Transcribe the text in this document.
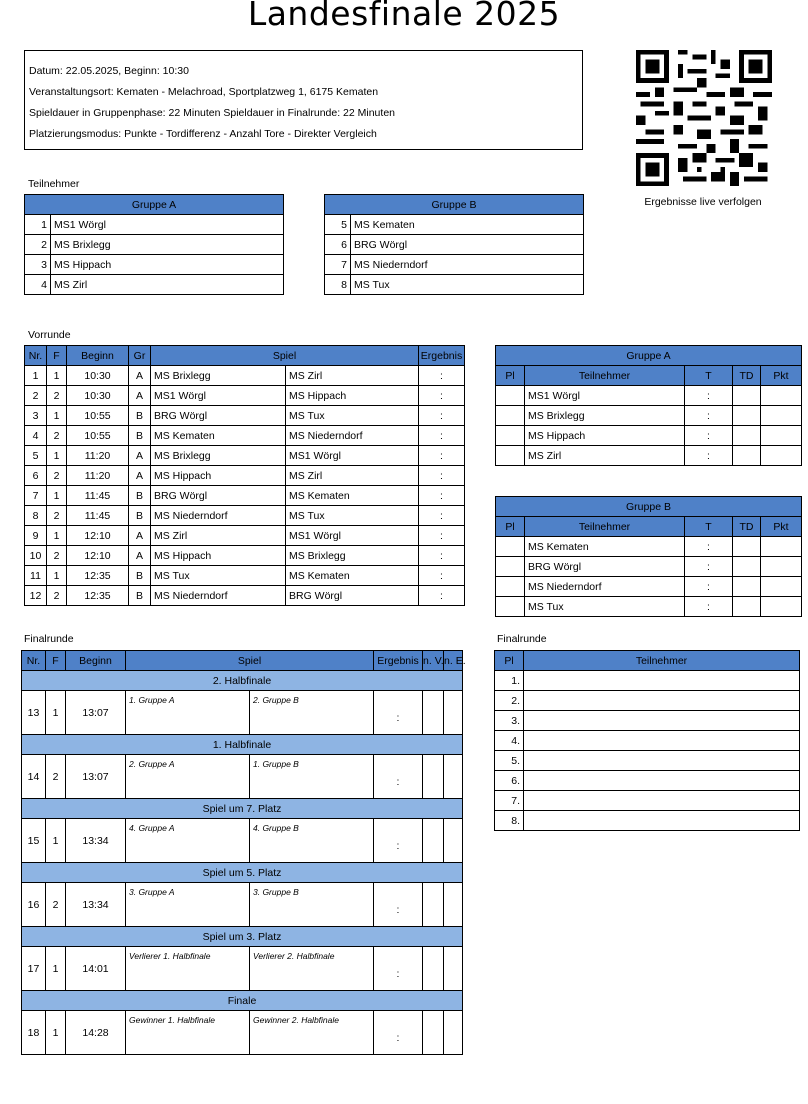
Landesfinale 2025
Datum: 22.05.2025, Beginn: 10:30
Veranstaltungsort: Kematen - Melachroad, Sportplatzweg 1, 6175 Kematen
Spieldauer in Gruppenphase: 22 Minuten Spieldauer in Finalrunde: 22 Minuten
Platzierungsmodus: Punkte - Tordifferenz - Anzahl Tore - Direkter Vergleich
Ergebnisse live verfolgen
Teilnehmer
Gruppe A	
1	MS1 Wörgl
2	MS Brixlegg
3	MS Hippach
4	MS Zirl
Gruppe B	
5	MS Kematen
6	BRG Wörgl
7	MS Niederndorf
8	MS Tux
Vorrunde
Nr.	F	Beginn	Gr	Spiel		Ergebnis
1	1	10:30	A	MS Brixlegg	MS Zirl	:
2	2	10:30	A	MS1 Wörgl	MS Hippach	:
3	1	10:55	B	BRG Wörgl	MS Tux	:
4	2	10:55	B	MS Kematen	MS Niederndorf	:
5	1	11:20	A	MS Brixlegg	MS1 Wörgl	:
6	2	11:20	A	MS Hippach	MS Zirl	:
7	1	11:45	B	BRG Wörgl	MS Kematen	:
8	2	11:45	B	MS Niederndorf	MS Tux	:
9	1	12:10	A	MS Zirl	MS1 Wörgl	:
10	2	12:10	A	MS Hippach	MS Brixlegg	:
11	1	12:35	B	MS Tux	MS Kematen	:
12	2	12:35	B	MS Niederndorf	BRG Wörgl	:
Gruppe A				
Pl	Teilnehmer	T	TD	Pkt
	MS1 Wörgl	:		
	MS Brixlegg	:		
	MS Hippach	:		
	MS Zirl	:		
Gruppe B				
Pl	Teilnehmer	T	TD	Pkt
	MS Kematen	:		
	BRG Wörgl	:		
	MS Niederndorf	:		
	MS Tux	:		
Finalrunde
Nr.	F	Beginn	Spiel		Ergebnis	n. V.	n. E.
2. Halbfinale							
13	1	13:07	1. Gruppe A	2. Gruppe B	:		
1. Halbfinale							
14	2	13:07	2. Gruppe A	1. Gruppe B	:		
Spiel um 7. Platz							
15	1	13:34	4. Gruppe A	4. Gruppe B	:		
Spiel um 5. Platz							
16	2	13:34	3. Gruppe A	3. Gruppe B	:		
Spiel um 3. Platz							
17	1	14:01	Verlierer 1. Halbfinale	Verlierer 2. Halbfinale	:		
Finale							
18	1	14:28	Gewinner 1. Halbfinale	Gewinner 2. Halbfinale	:		
Finalrunde
Pl	Teilnehmer
1.	
2.	
3.	
4.	
5.	
6.	
7.	
8.	
